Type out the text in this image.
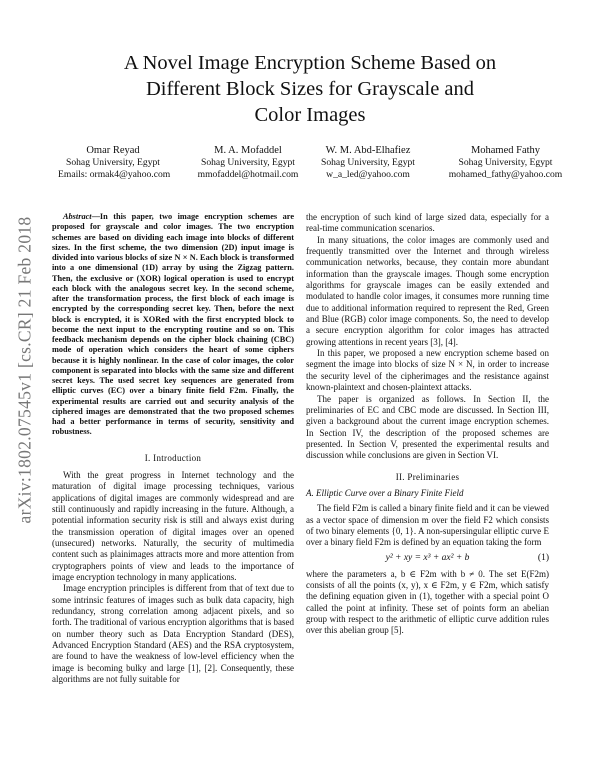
A Novel Image Encryption Scheme Based on
Different Block Sizes for Grayscale and
Color Images
Omar Reyad
Sohag University, Egypt
Emails: ormak4@yahoo.com
M. A. Mofaddel
Sohag University, Egypt
mmofaddel@hotmail.com
W. M. Abd-Elhafiez
Sohag University, Egypt
w_a_led@yahoo.com
Mohamed Fathy
Sohag University, Egypt
mohamed_fathy@yahoo.com
arXiv:1802.07545v1 [cs.CR] 21 Feb 2018

Abstract—In this paper, two image encryption schemes are proposed for grayscale and color images. The two encryption schemes are based on dividing each image into blocks of different sizes. In the first scheme, the two dimension (2D) input image is divided into various blocks of size N × N. Each block is transformed into a one dimensional (1D) array by using the Zigzag pattern. Then, the exclusive or (XOR) logical operation is used to encrypt each block with the analogous secret key. In the second scheme, after the transformation process, the first block of each image is encrypted by the corresponding secret key. Then, before the next block is encrypted, it is XORed with the first encrypted block to become the next input to the encrypting routine and so on. This feedback mechanism depends on the cipher block chaining (CBC) mode of operation which considers the heart of some ciphers because it is highly nonlinear. In the case of color images, the color component is separated into blocks with the same size and different secret keys. The used secret key sequences are generated from elliptic curves (EC) over a binary finite field F2m. Finally, the experimental results are carried out and security analysis of the ciphered images are demonstrated that the two proposed schemes had a better performance in terms of security, sensitivity and robustness.

I. Introduction

With the great progress in Internet technology and the maturation of digital image processing techniques, various applications of digital images are commonly widespread and are still continuously and rapidly increasing in the future. Although, a potential information security risk is still and always exist during the transmission operation of digital images over an opened (unsecured) networks. Naturally, the security of multimedia content such as plainimages attracts more and more attention from cryptographers points of view and leads to the importance of image encryption technology in many applications.

Image encryption principles is different from that of text due to some intrinsic features of images such as bulk data capacity, high redundancy, strong correlation among adjacent pixels, and so forth. The traditional of various encryption algorithms that is based on number theory such as Data Encryption Standard (DES), Advanced Encryption Standard (AES) and the RSA cryptosystem, are found to have the weakness of low-level efficiency when the image is becoming bulky and large [1], [2]. Consequently, these algorithms are not fully suitable for

the encryption of such kind of large sized data, especially for a real-time communication scenarios.

In many situations, the color images are commonly used and frequently transmitted over the Internet and through wireless communication networks, because, they contain more abundant information than the grayscale images. Though some encryption algorithms for grayscale images can be easily extended and modulated to handle color images, it consumes more running time due to additional information required to represent the Red, Green and Blue (RGB) color image components. So, the need to develop a secure encryption algorithm for color images has attracted growing attentions in recent years [3], [4].

In this paper, we proposed a new encryption scheme based on segment the image into blocks of size N × N, in order to increase the security level of the cipherimages and the resistance against known-plaintext and chosen-plaintext attacks.

The paper is organized as follows. In Section II, the preliminaries of EC and CBC mode are discussed. In Section III, given a background about the current image encryption schemes. In Section IV, the description of the proposed schemes are presented. In Section V, presented the experimental results and discussion while conclusions are given in Section VI.

II. Preliminaries
A. Elliptic Curve over a Binary Finite Field

The field F2m is called a binary finite field and it can be viewed as a vector space of dimension m over the field F2 which consists of two binary elements {0, 1}. A non-supersingular elliptic curve E over a binary field F2m is defined by an equation taking the form

y² + xy = x³ + ax² + b	(1)

where the parameters a, b ∈ F2m with b ≠ 0. The set E(F2m) consists of all the points (x, y), x ∈ F2m, y ∈ F2m, which satisfy the defining equation given in (1), together with a special point O called the point at infinity. These set of points form an abelian group with respect to the arithmetic of elliptic curve addition rules over this abelian group [5].
